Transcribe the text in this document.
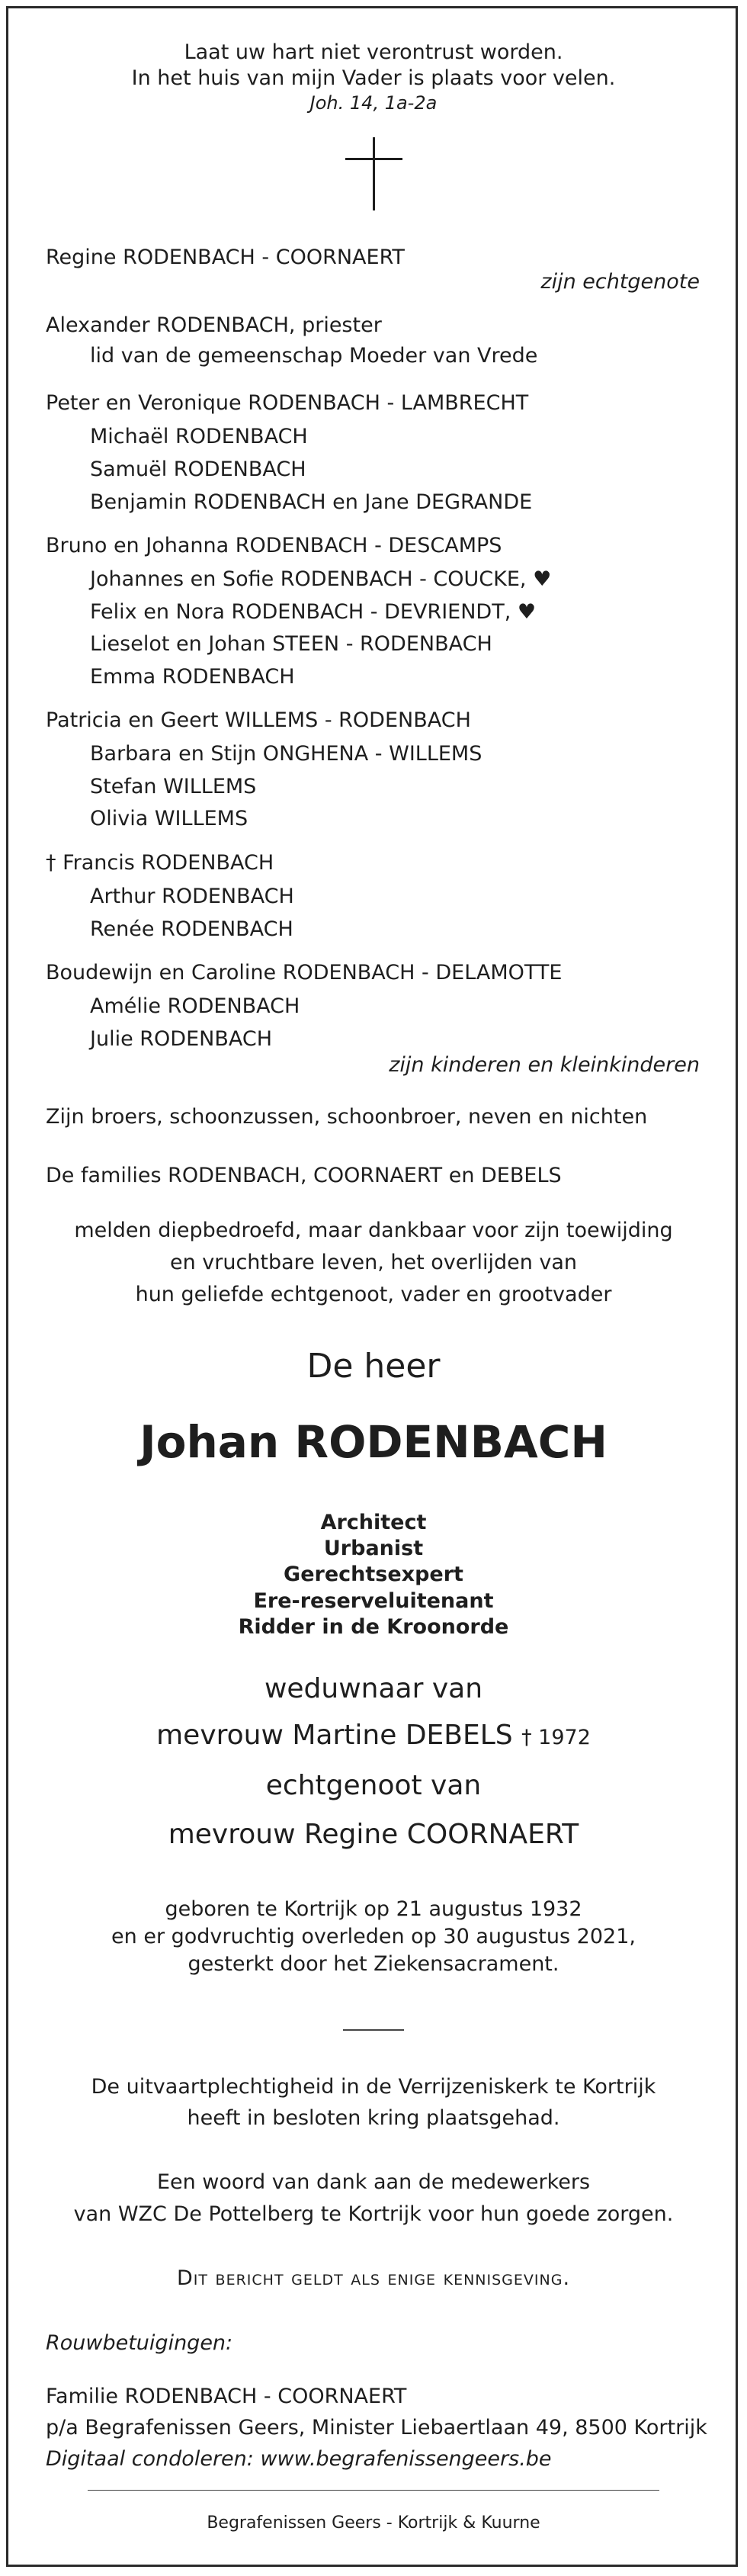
Laat uw hart niet verontrust worden.
In het huis van mijn Vader is plaats voor velen.
Joh. 14, 1a-2a
Regine RODENBACH - COORNAERT
zijn echtgenote
Alexander RODENBACH, priester
lid van de gemeenschap Moeder van Vrede
Peter en Veronique RODENBACH - LAMBRECHT
Michaël RODENBACH
Samuël RODENBACH
Benjamin RODENBACH en Jane DEGRANDE
Bruno en Johanna RODENBACH - DESCAMPS
Johannes en Sofie RODENBACH - COUCKE, ♥
Felix en Nora RODENBACH - DEVRIENDT, ♥
Lieselot en Johan STEEN - RODENBACH
Emma RODENBACH
Patricia en Geert WILLEMS - RODENBACH
Barbara en Stijn ONGHENA - WILLEMS
Stefan WILLEMS
Olivia WILLEMS
† Francis RODENBACH
Arthur RODENBACH
Renée RODENBACH
Boudewijn en Caroline RODENBACH - DELAMOTTE
Amélie RODENBACH
Julie RODENBACH
zijn kinderen en kleinkinderen
Zijn broers, schoonzussen, schoonbroer, neven en nichten
De families RODENBACH, COORNAERT en DEBELS
melden diepbedroefd, maar dankbaar voor zijn toewijding
en vruchtbare leven, het overlijden van
hun geliefde echtgenoot, vader en grootvader
De heer
Johan RODENBACH
Architect
Urbanist
Gerechtsexpert
Ere-reserveluitenant
Ridder in de Kroonorde
weduwnaar van
mevrouw Martine DEBELS † 1972
echtgenoot van
mevrouw Regine COORNAERT
geboren te Kortrijk op 21 augustus 1932
en er godvruchtig overleden op 30 augustus 2021,
gesterkt door het Ziekensacrament.
De uitvaartplechtigheid in de Verrijzeniskerk te Kortrijk
heeft in besloten kring plaatsgehad.
Een woord van dank aan de medewerkers
van WZC De Pottelberg te Kortrijk voor hun goede zorgen.
Dit bericht geldt als enige kennisgeving.
Rouwbetuigingen:
Familie RODENBACH - COORNAERT
p/a Begrafenissen Geers, Minister Liebaertlaan 49, 8500 Kortrijk
Digitaal condoleren: www.begrafenissengeers.be
Begrafenissen Geers - Kortrijk & Kuurne
